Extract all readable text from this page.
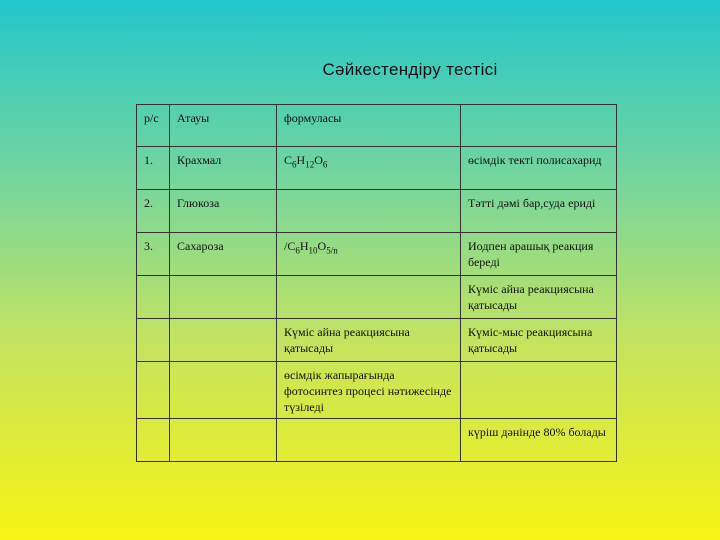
Сәйкестендіру тестісі
р/с	Атауы	формуласы	
1.	Крахмал	$C_6H_{12}O_6$	өсімдік текті полисахарид
2.	Глюкоза		Тәтті дәмі бар,суда ериді
3.	Сахароза	$/C_6H_{10}O_{5/n}$	Иодпен арашық реакция береді
			Күміс айна реакциясына қатысады
		Күміс айна реакциясына қатысады	Күміс-мыс реакциясына қатысады
		өсімдік жапырағында фотосинтез процесі нәтижесінде түзіледі	
			күріш дәнінде 80% болады
